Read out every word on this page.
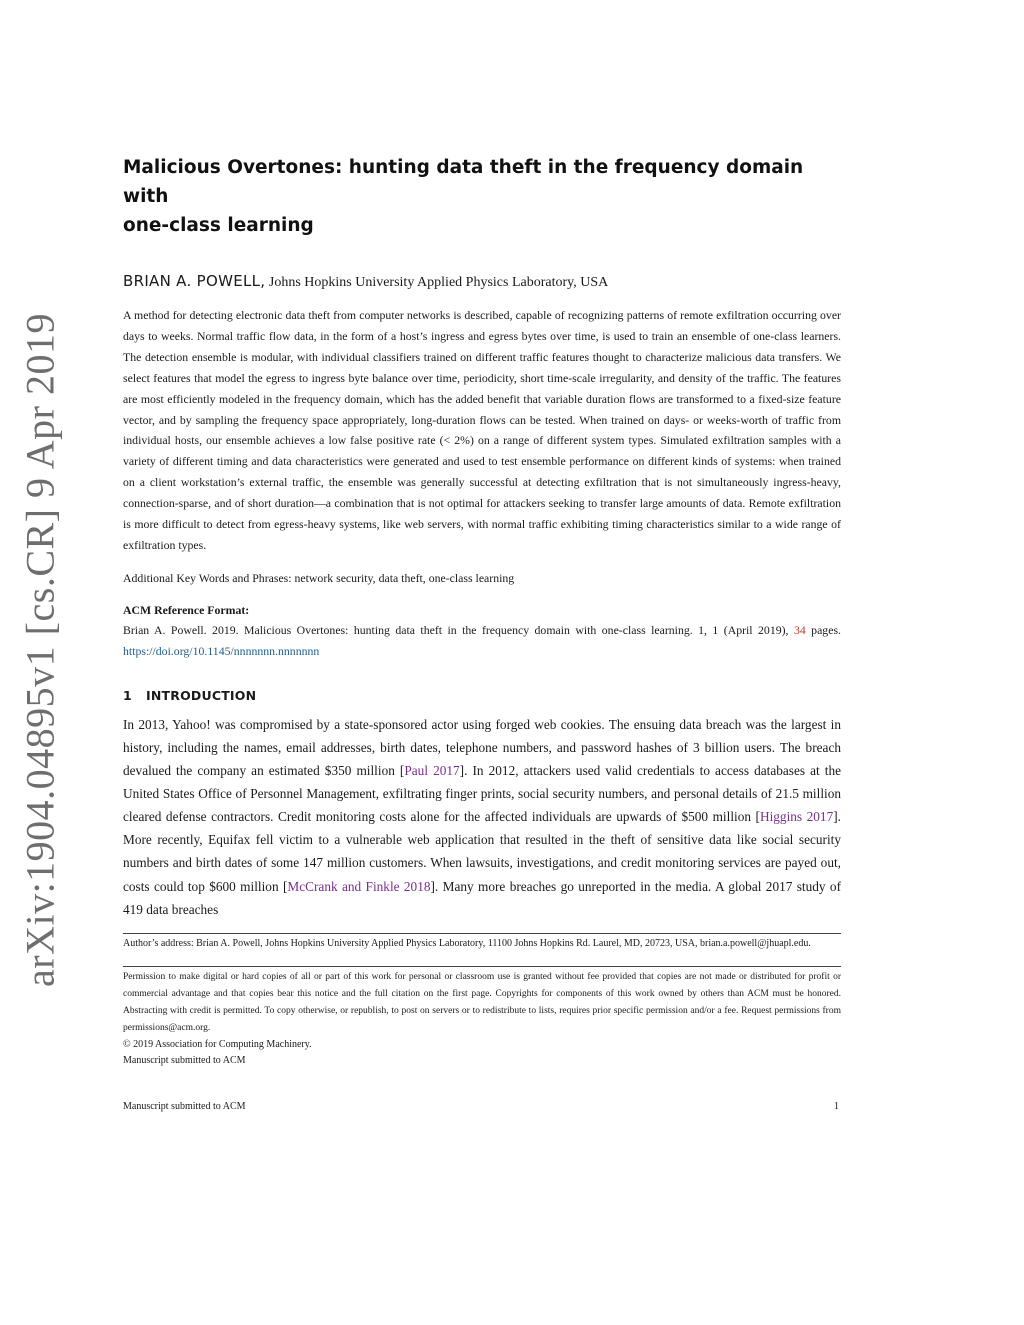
arXiv:1904.04895v1 [cs.CR] 9 Apr 2019
Malicious Overtones: hunting data theft in the frequency domain with
one-class learning
BRIAN A. POWELL, Johns Hopkins University Applied Physics Laboratory, USA
A method for detecting electronic data theft from computer networks is described, capable of recognizing patterns of remote exfiltration occurring over days to weeks. Normal traffic flow data, in the form of a host’s ingress and egress bytes over time, is used to train an ensemble of one-class learners. The detection ensemble is modular, with individual classifiers trained on different traffic features thought to characterize malicious data transfers. We select features that model the egress to ingress byte balance over time, periodicity, short time-scale irregularity, and density of the traffic. The features are most efficiently modeled in the frequency domain, which has the added benefit that variable duration flows are transformed to a fixed-size feature vector, and by sampling the frequency space appropriately, long-duration flows can be tested. When trained on days- or weeks-worth of traffic from individual hosts, our ensemble achieves a low false positive rate (< 2%) on a range of different system types. Simulated exfiltration samples with a variety of different timing and data characteristics were generated and used to test ensemble performance on different kinds of systems: when trained on a client workstation’s external traffic, the ensemble was generally successful at detecting exfiltration that is not simultaneously ingress-heavy, connection-sparse, and of short duration—a combination that is not optimal for attackers seeking to transfer large amounts of data. Remote exfiltration is more difficult to detect from egress-heavy systems, like web servers, with normal traffic exhibiting timing characteristics similar to a wide range of exfiltration types.
Additional Key Words and Phrases: network security, data theft, one-class learning
ACM Reference Format:
Brian A. Powell. 2019. Malicious Overtones: hunting data theft in the frequency domain with one-class learning. 1, 1 (April 2019), 34 pages. https://doi.org/10.1145/nnnnnnn.nnnnnnn
1 INTRODUCTION
In 2013, Yahoo! was compromised by a state-sponsored actor using forged web cookies. The ensuing data breach was the largest in history, including the names, email addresses, birth dates, telephone numbers, and password hashes of 3 billion users. The breach devalued the company an estimated $350 million [Paul 2017]. In 2012, attackers used valid credentials to access databases at the United States Office of Personnel Management, exfiltrating finger prints, social security numbers, and personal details of 21.5 million cleared defense contractors. Credit monitoring costs alone for the affected individuals are upwards of $500 million [Higgins 2017]. More recently, Equifax fell victim to a vulnerable web application that resulted in the theft of sensitive data like social security numbers and birth dates of some 147 million customers. When lawsuits, investigations, and credit monitoring services are payed out, costs could top $600 million [McCrank and Finkle 2018]. Many more breaches go unreported in the media. A global 2017 study of 419 data breaches
Author’s address: Brian A. Powell, Johns Hopkins University Applied Physics Laboratory, 11100 Johns Hopkins Rd. Laurel, MD, 20723, USA, brian.a.powell@jhuapl.edu.
Permission to make digital or hard copies of all or part of this work for personal or classroom use is granted without fee provided that copies are not made or distributed for profit or commercial advantage and that copies bear this notice and the full citation on the first page. Copyrights for components of this work owned by others than ACM must be honored. Abstracting with credit is permitted. To copy otherwise, or republish, to post on servers or to redistribute to lists, requires prior specific permission and/or a fee. Request permissions from permissions@acm.org.
© 2019 Association for Computing Machinery.
Manuscript submitted to ACM
Manuscript submitted to ACM	1
